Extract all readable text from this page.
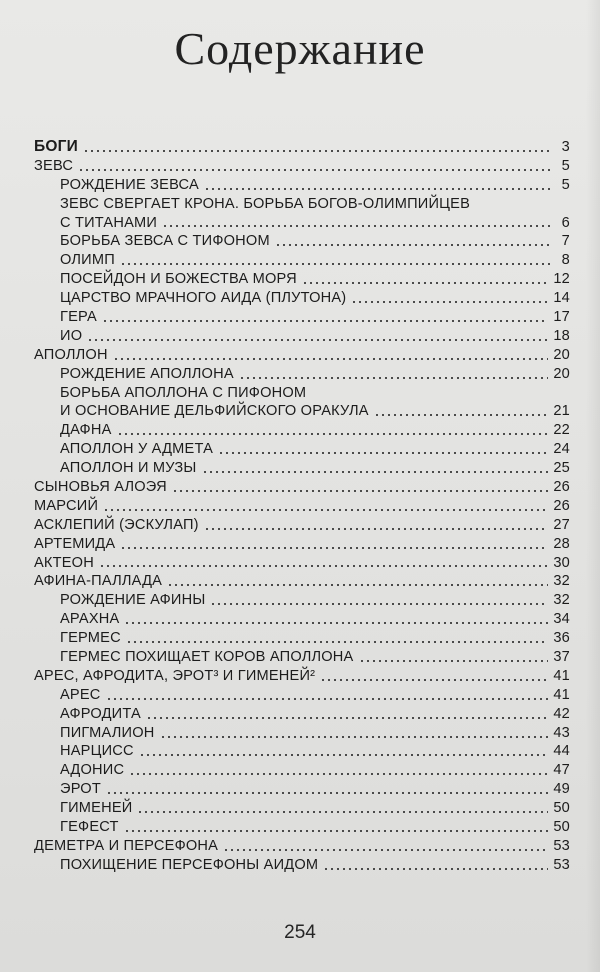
Содержание
БОГИ	3
ЗЕВС	5
РОЖДЕНИЕ ЗЕВСА	5
ЗЕВС СВЕРГАЕТ КРОНА. БОРЬБА БОГОВ-ОЛИМПИЙЦЕВ
С ТИТАНАМИ	6
БОРЬБА ЗЕВСА С ТИФОНОМ	7
ОЛИМП	8
ПОСЕЙДОН И БОЖЕСТВА МОРЯ	12
ЦАРСТВО МРАЧНОГО АИДА (ПЛУТОНА)	14
ГЕРА	17
ИО	18
АПОЛЛОН	20
РОЖДЕНИЕ АПОЛЛОНА	20
БОРЬБА АПОЛЛОНА С ПИФОНОМ
И ОСНОВАНИЕ ДЕЛЬФИЙСКОГО ОРАКУЛА	21
ДАФНА	22
АПОЛЛОН У АДМЕТА	24
АПОЛЛОН И МУЗЫ	25
СЫНОВЬЯ АЛОЭЯ	26
МАРСИЙ	26
АСКЛЕПИЙ (ЭСКУЛАП)	27
АРТЕМИДА	28
АКТЕОН	30
АФИНА-ПАЛЛАДА	32
РОЖДЕНИЕ АФИНЫ	32
АРАХНА	34
ГЕРМЕС	36
ГЕРМЕС ПОХИЩАЕТ КОРОВ АПОЛЛОНА	37
АРЕС, АФРОДИТА, ЭРОТ³ И ГИМЕНЕЙ²	41
АРЕС	41
АФРОДИТА	42
ПИГМАЛИОН	43
НАРЦИСС	44
АДОНИС	47
ЭРОТ	49
ГИМЕНЕЙ	50
ГЕФЕСТ	50
ДЕМЕТРА И ПЕРСЕФОНА	53
ПОХИЩЕНИЕ ПЕРСЕФОНЫ АИДОМ	53
254
